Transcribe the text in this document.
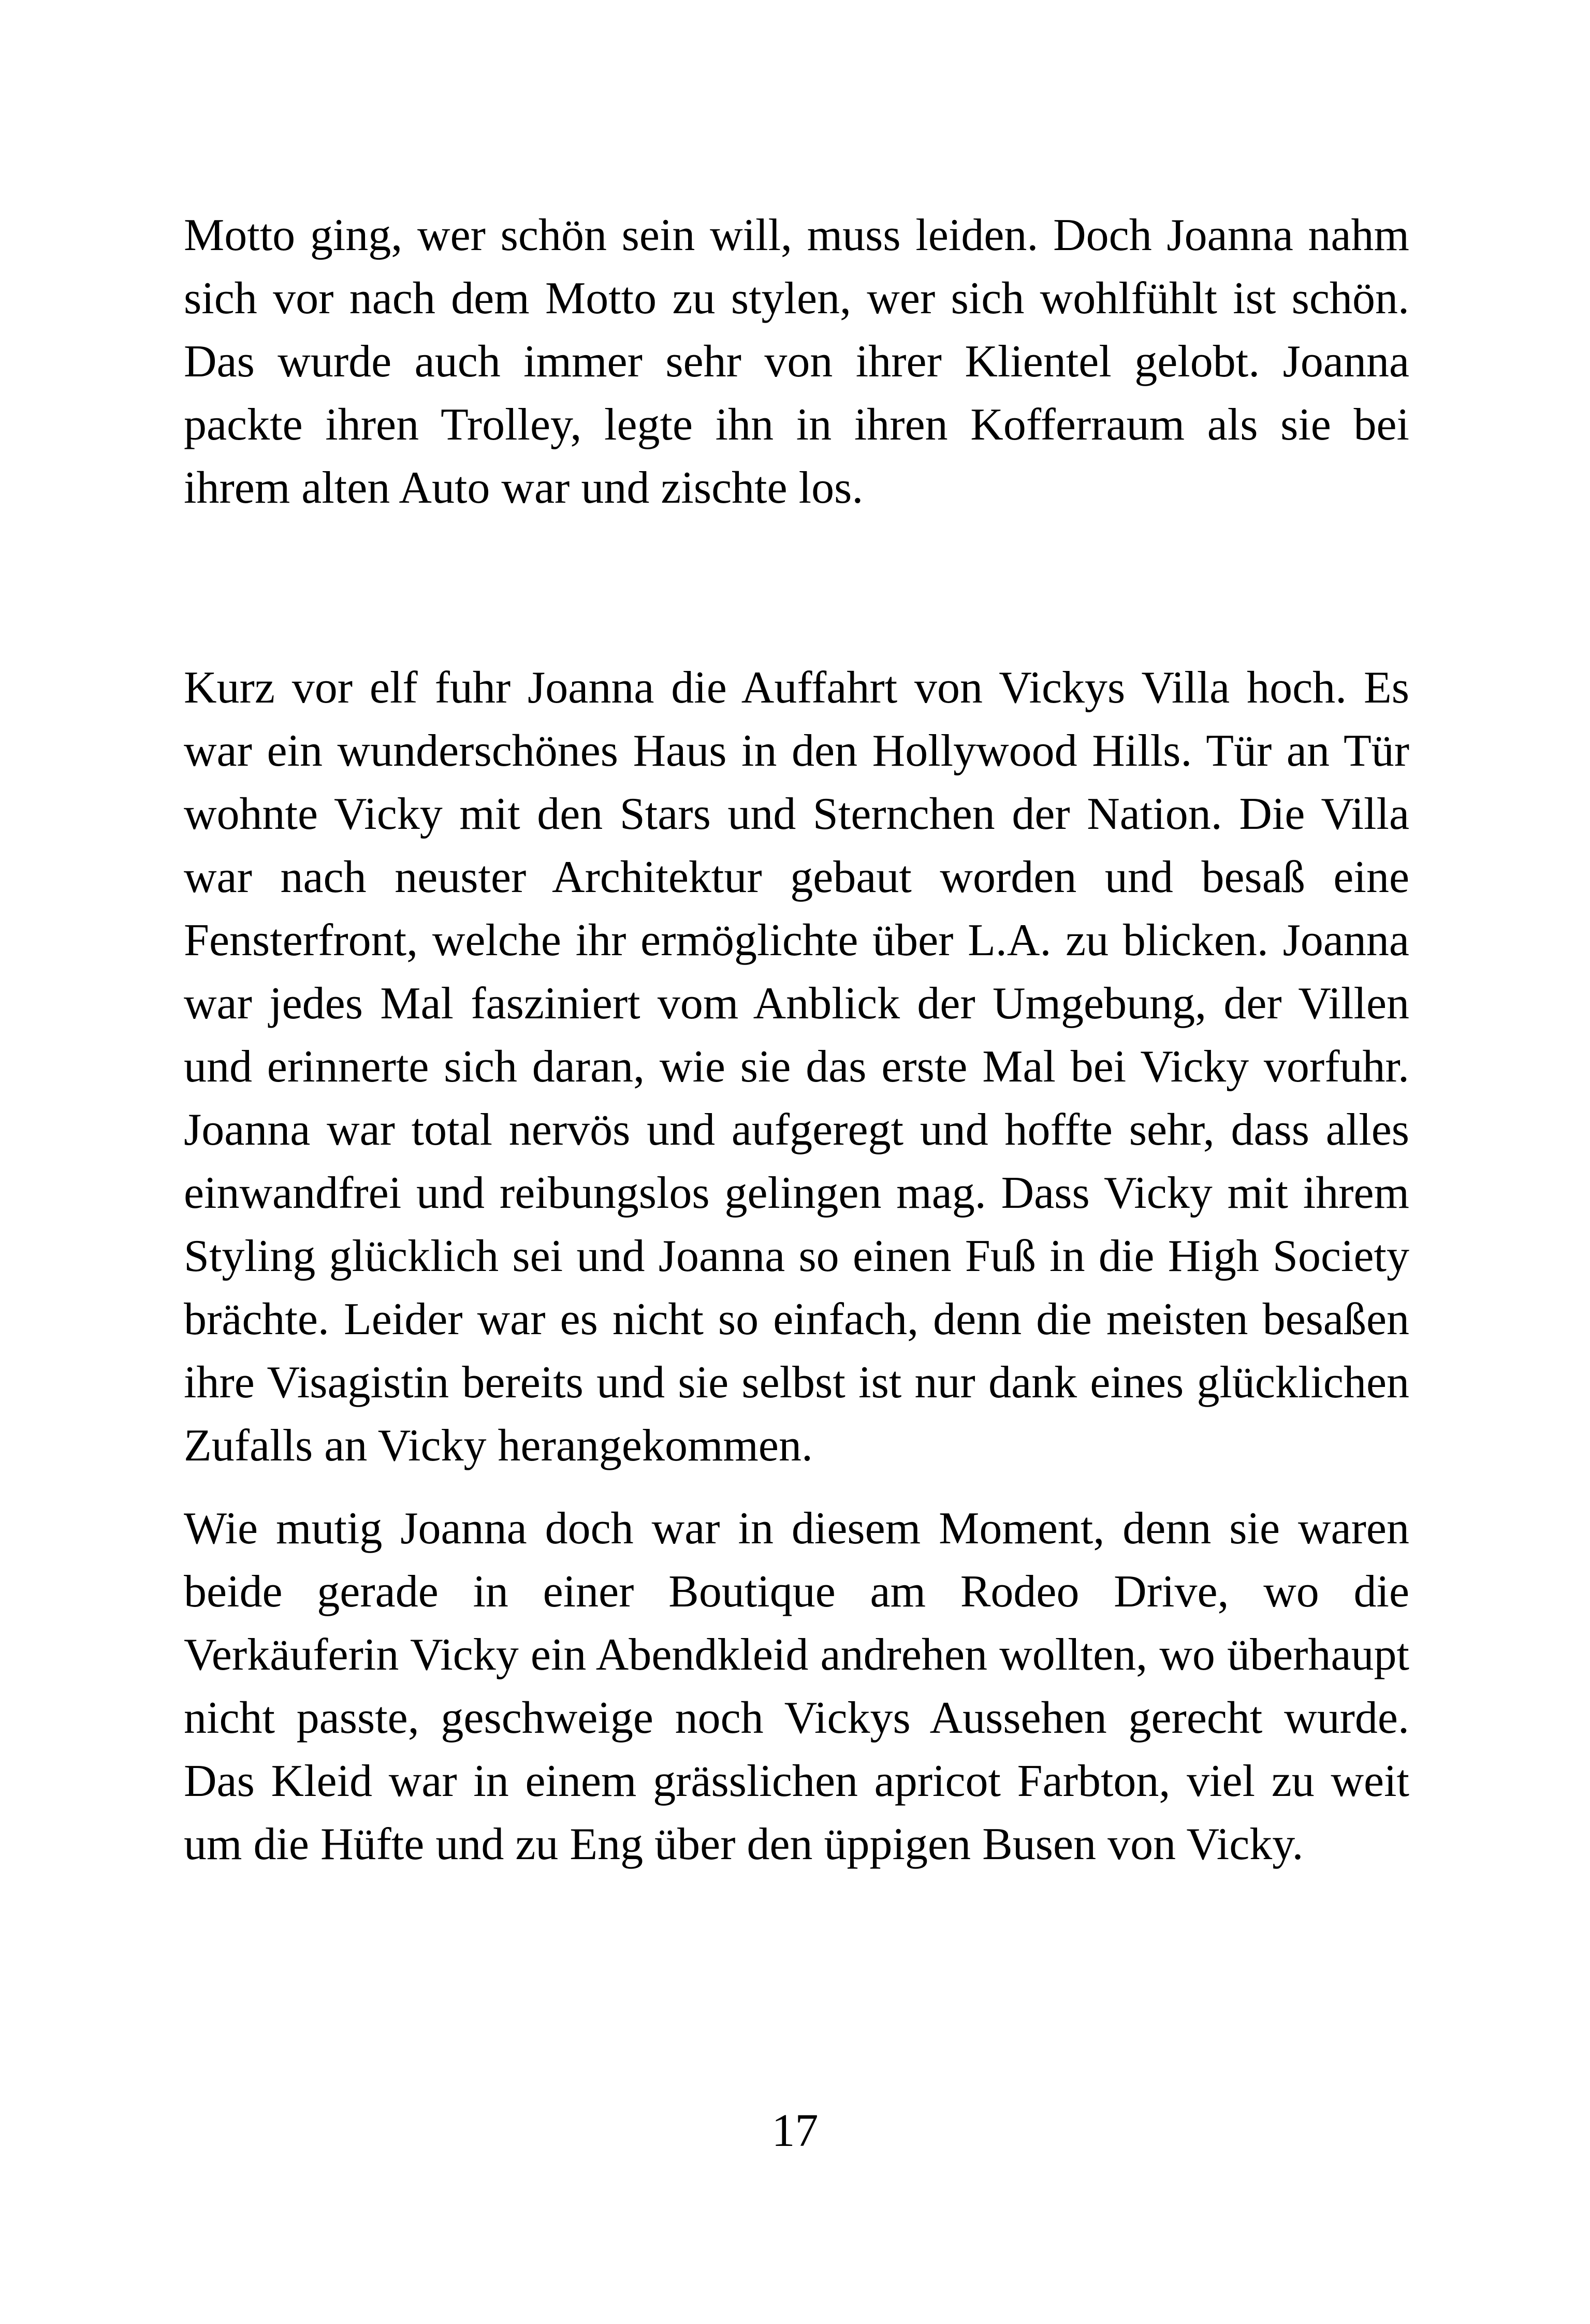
Motto ging, wer schön sein will, muss leiden. Doch Joanna nahm sich vor nach dem Motto zu stylen, wer sich wohlfühlt ist schön. Das wurde auch immer sehr von ihrer Klientel gelobt. Joanna packte ihren Trolley, legte ihn in ihren Kofferraum als sie bei ihrem alten Auto war und zischte los.

Kurz vor elf fuhr Joanna die Auffahrt von Vickys Villa hoch. Es war ein wunderschönes Haus in den Hollywood Hills. Tür an Tür wohnte Vicky mit den Stars und Sternchen der Nation. Die Villa war nach neuster Architektur gebaut worden und besaß eine Fensterfront, welche ihr ermöglichte über L.A. zu blicken. Joanna war jedes Mal fasziniert vom Anblick der Umgebung, der Villen und erinnerte sich daran, wie sie das erste Mal bei Vicky vorfuhr. Joanna war total nervös und aufgeregt und hoffte sehr, dass alles einwandfrei und reibungslos gelingen mag. Dass Vicky mit ihrem Styling glücklich sei und Joanna so einen Fuß in die High Society brächte. Leider war es nicht so einfach, denn die meisten besaßen ihre Visagistin bereits und sie selbst ist nur dank eines glücklichen Zufalls an Vicky herangekommen.

Wie mutig Joanna doch war in diesem Moment, denn sie waren beide gerade in einer Boutique am Rodeo Drive, wo die Verkäuferin Vicky ein Abendkleid andrehen wollten, wo überhaupt nicht passte, geschweige noch Vickys Aussehen gerecht wurde. Das Kleid war in einem grässlichen apricot Farbton, viel zu weit um die Hüfte und zu Eng über den üppigen Busen von Vicky.

17
